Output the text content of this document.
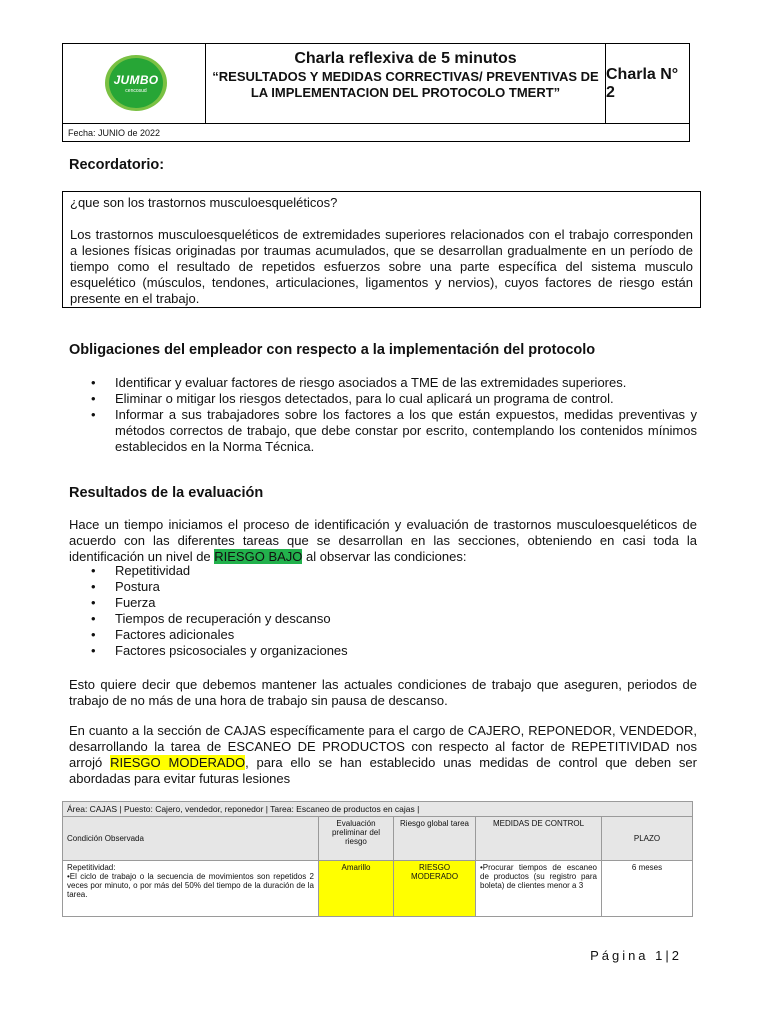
JUMBO
cencosud
Charla reflexiva de 5 minutos
“RESULTADOS Y MEDIDAS CORRECTIVAS/ PREVENTIVAS DE LA IMPLEMENTACION DEL PROTOCOLO TMERT”
Charla N° 2
Fecha: JUNIO de 2022
Recordatorio:
¿que son los trastornos musculoesqueléticos?
Los trastornos musculoesqueléticos de extremidades superiores relacionados con el trabajo corresponden a lesiones físicas originadas por traumas acumulados, que se desarrollan gradualmente en un período de tiempo como el resultado de repetidos esfuerzos sobre una parte específica del sistema musculo esquelético (músculos, tendones, articulaciones, ligamentos y nervios), cuyos factores de riesgo están presente en el trabajo.
Obligaciones del empleador con respecto a la implementación del protocolo
• Identificar y evaluar factores de riesgo asociados a TME de las extremidades superiores.
• Eliminar o mitigar los riesgos detectados, para lo cual aplicará un programa de control.
• Informar a sus trabajadores sobre los factores a los que están expuestos, medidas preventivas y métodos correctos de trabajo, que debe constar por escrito, contemplando los contenidos mínimos establecidos en la Norma Técnica.
Resultados de la evaluación
Hace un tiempo iniciamos el proceso de identificación y evaluación de trastornos musculoesqueléticos de acuerdo con las diferentes tareas que se desarrollan en las secciones, obteniendo en casi toda la identificación un nivel de RIESGO BAJO al observar las condiciones:
• Repetitividad
• Postura
• Fuerza
• Tiempos de recuperación y descanso
• Factores adicionales
• Factores psicosociales y organizaciones
Esto quiere decir que debemos mantener las actuales condiciones de trabajo que aseguren, periodos de trabajo de no más de una hora de trabajo sin pausa de descanso.
En cuanto a la sección de CAJAS específicamente para el cargo de CAJERO, REPONEDOR, VENDEDOR, desarrollando la tarea de ESCANEO DE PRODUCTOS con respecto al factor de REPETITIVIDAD nos arrojó RIESGO MODERADO, para ello se han establecido unas medidas de control que deben ser abordadas para evitar futuras lesiones
Área: CAJAS | Puesto: Cajero, vendedor, reponedor | Tarea: Escaneo de productos en cajas |				
Condición Observada	Evaluación preliminar del riesgo	Riesgo global tarea	MEDIDAS DE CONTROL	PLAZO

Repetitividad:
•El ciclo de trabajo o la secuencia de movimientos son repetidos 2 veces por minuto, o por más del 50% del tiempo de la duración de la tarea.	Amarillo	RIESGO MODERADO	•Procurar tiempos de escaneo de productos (su registro para boleta) de clientes menor a 3	6 meses
Página 1|2
